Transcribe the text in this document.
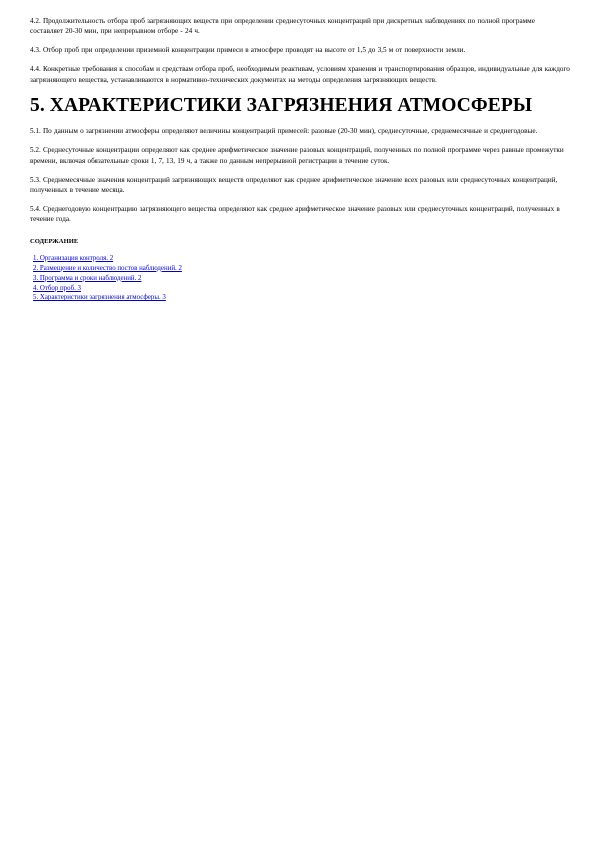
4.2. Продолжительность отбора проб загрязняющих веществ при определении среднесуточных концентраций при дискретных наблюдениях по полной программе составляет 20-30 мин, при непрерывном отборе - 24 ч.

4.3. Отбор проб при определении приземной концентрации примеси в атмосфере проводят на высоте от 1,5 до 3,5 м от поверхности земли.

4.4. Конкретные требования к способам и средствам отбора проб, необходимым реактивам, условиям хранения и транспортирования образцов, индивидуальные для каждого загрязняющего вещества, устанавливаются в нормативно-технических документах на методы определения загрязняющих веществ.

5. ХАРАКТЕРИСТИКИ ЗАГРЯЗНЕНИЯ АТМОСФЕРЫ

5.1. По данным о загрязнении атмосферы определяют величины концентраций примесей: разовые (20-30 мин), среднесуточные, среднемесячные и среднегодовые.

5.2. Среднесуточные концентрации определяют как среднее арифметическое значение разовых концентраций, полученных по полной программе через равные промежутки времени, включая обязательные сроки 1, 7, 13, 19 ч, а также по данным непрерывной регистрации в течение суток.

5.3. Среднемесячные значения концентраций загрязняющих веществ определяют как среднее арифметическое значение всех разовых или среднесуточных концентраций, полученных в течение месяца.

5.4. Среднегодовую концентрацию загрязняющего вещества определяют как среднее арифметическое значение разовых или среднесуточных концентраций, полученных в течение года.

СОДЕРЖАНИЕ
1. Организация контроля. 2
2. Размещение и количество постов наблюдений. 2
3. Программа и сроки наблюдений. 2
4. Отбор проб. 3
5. Характеристики загрязнения атмосферы. 3
